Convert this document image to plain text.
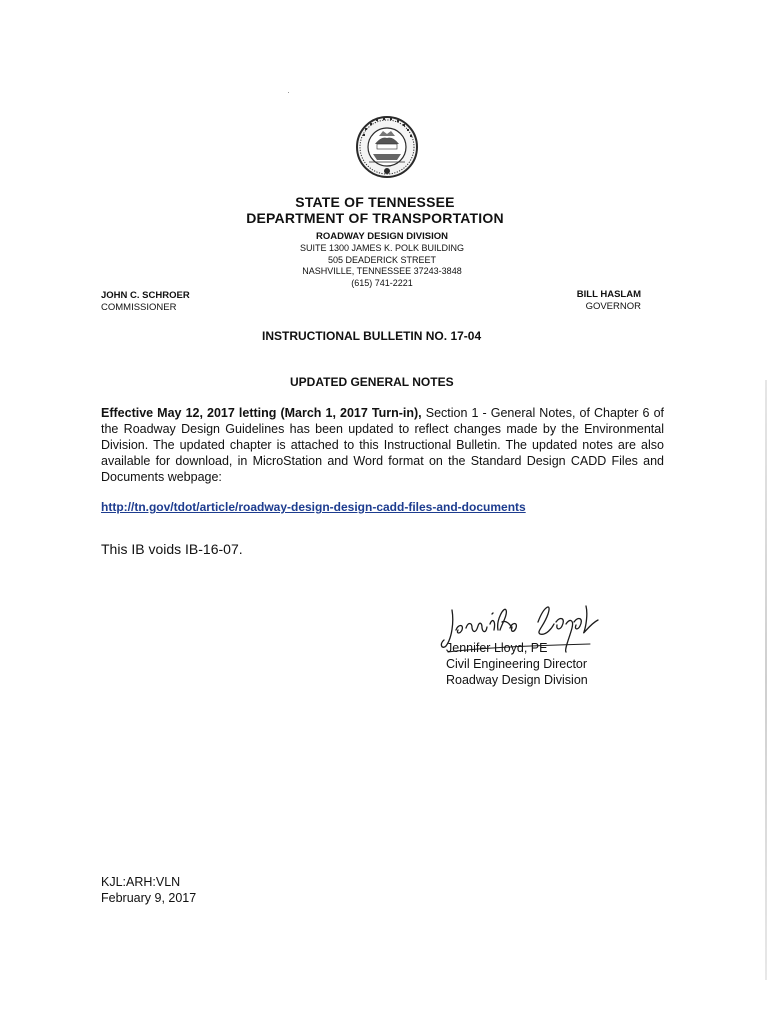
STATE OF TENNESSEE
DEPARTMENT OF TRANSPORTATION
ROADWAY DESIGN DIVISION
SUITE 1300 JAMES K. POLK BUILDING
505 DEADERICK STREET
NASHVILLE, TENNESSEE 37243-3848
(615) 741-2221
JOHN C. SCHROER
COMMISSIONER
BILL HASLAM
GOVERNOR
INSTRUCTIONAL BULLETIN NO. 17-04
UPDATED GENERAL NOTES
Effective May 12, 2017 letting (March 1, 2017 Turn-in), Section 1 - General Notes, of Chapter 6 of the Roadway Design Guidelines has been updated to reflect changes made by the Environmental Division. The updated chapter is attached to this Instructional Bulletin. The updated notes are also available for download, in MicroStation and Word format on the Standard Design CADD Files and Documents webpage:
http://tn.gov/tdot/article/roadway-design-design-cadd-files-and-documents
This IB voids IB-16-07.
Jennifer Lloyd, PE
Civil Engineering Director
Roadway Design Division
KJL:ARH:VLN
February 9, 2017
